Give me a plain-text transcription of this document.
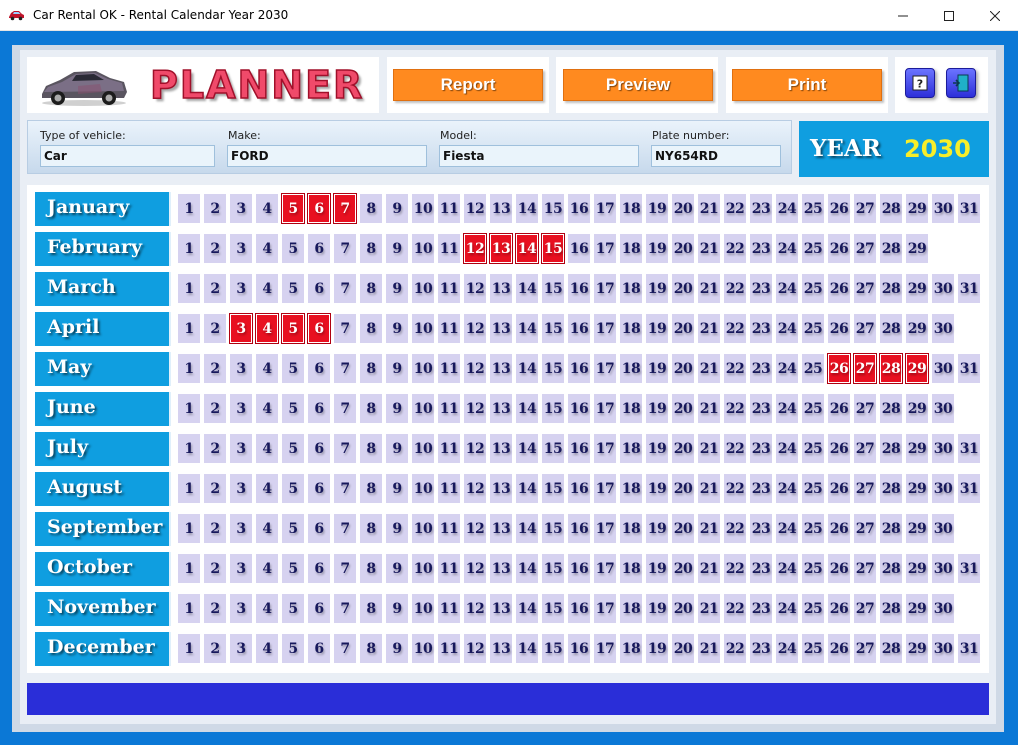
Car Rental OK - Rental Calendar Year 2030
PLANNER	Report	Preview	Print	?
Type of vehicle:
Car
Make:
FORD
Model:
Fiesta
Plate number:
NY654RD	YEAR 2030
January	1	2	3	4	5	6	7	8	9 10 11 12 13 14 15 16 17 18 19 20 21 22 23 24 25 26 27 28 29 30 31
February	1	2	3	4	5	6	7	8	9 10 11 12 13 14 15 16 17 18 19 20 21 22 23 24 25 26 27 28 29
March	1	2	3	4	5	6	7	8	9 10 11 12 13 14 15 16 17 18 19 20 21 22 23 24 25 26 27 28 29 30 31
April	1	2	3	4	5	6	7	8	9 10 11 12 13 14 15 16 17 18 19 20 21 22 23 24 25 26 27 28 29 30
May	1	2	3	4	5	6	7	8	9 10 11 12 13 14 15 16 17 18 19 20 21 22 23 24 25 26 27 28 29 30 31
June	1	2	3	4	5	6	7	8	9 10 11 12 13 14 15 16 17 18 19 20 21 22 23 24 25 26 27 28 29 30
July	1	2	3	4	5	6	7	8	9 10 11 12 13 14 15 16 17 18 19 20 21 22 23 24 25 26 27 28 29 30 31
August	1	2	3	4	5	6	7	8	9 10 11 12 13 14 15 16 17 18 19 20 21 22 23 24 25 26 27 28 29 30 31
September	1	2	3	4	5	6	7	8	9 10 11 12 13 14 15 16 17 18 19 20 21 22 23 24 25 26 27 28 29 30
October	1	2	3	4	5	6	7	8	9 10 11 12 13 14 15 16 17 18 19 20 21 22 23 24 25 26 27 28 29 30 31
November	1	2	3	4	5	6	7	8	9 10 11 12 13 14 15 16 17 18 19 20 21 22 23 24 25 26 27 28 29 30
December	1	2	3	4	5	6	7	8	9 10 11 12 13 14 15 16 17 18 19 20 21 22 23 24 25 26 27 28 29 30 31
